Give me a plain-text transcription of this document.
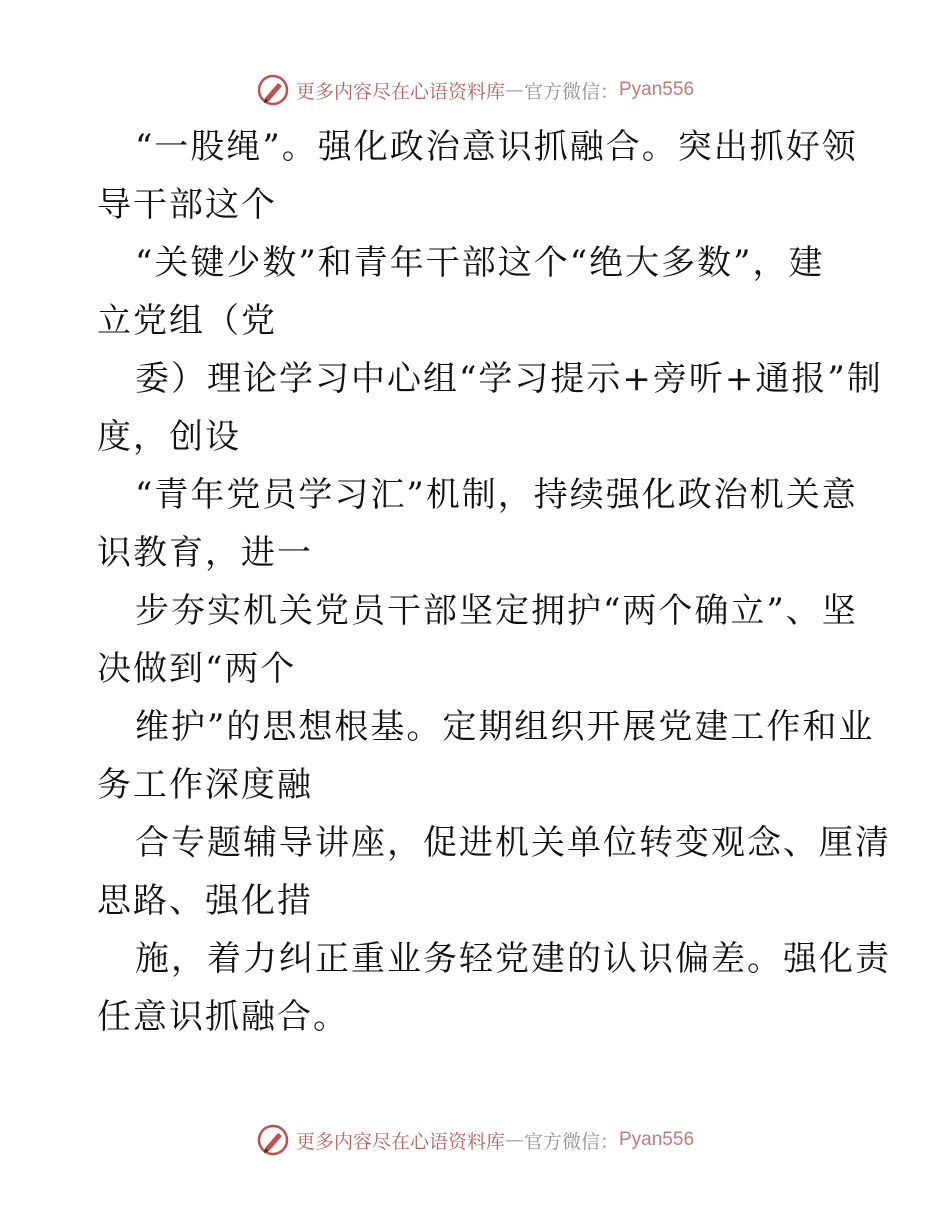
更多内容尽在心语资料库 — 官方微信： Pyan556
“一股绳”。强化政治意识抓融合。突出抓好领
导干部这个
“关键少数”和青年干部这个“绝大多数”，建
立党组（党
委）理论学习中心组“学习提示+旁听+通报”制
度，创设
“青年党员学习汇”机制，持续强化政治机关意
识教育，进一
步夯实机关党员干部坚定拥护“两个确立”、坚
决做到“两个
维护”的思想根基。定期组织开展党建工作和业
务工作深度融
合专题辅导讲座，促进机关单位转变观念、厘清
思路、强化措
施，着力纠正重业务轻党建的认识偏差。强化责
任意识抓融合。
更多内容尽在心语资料库 — 官方微信： Pyan556
